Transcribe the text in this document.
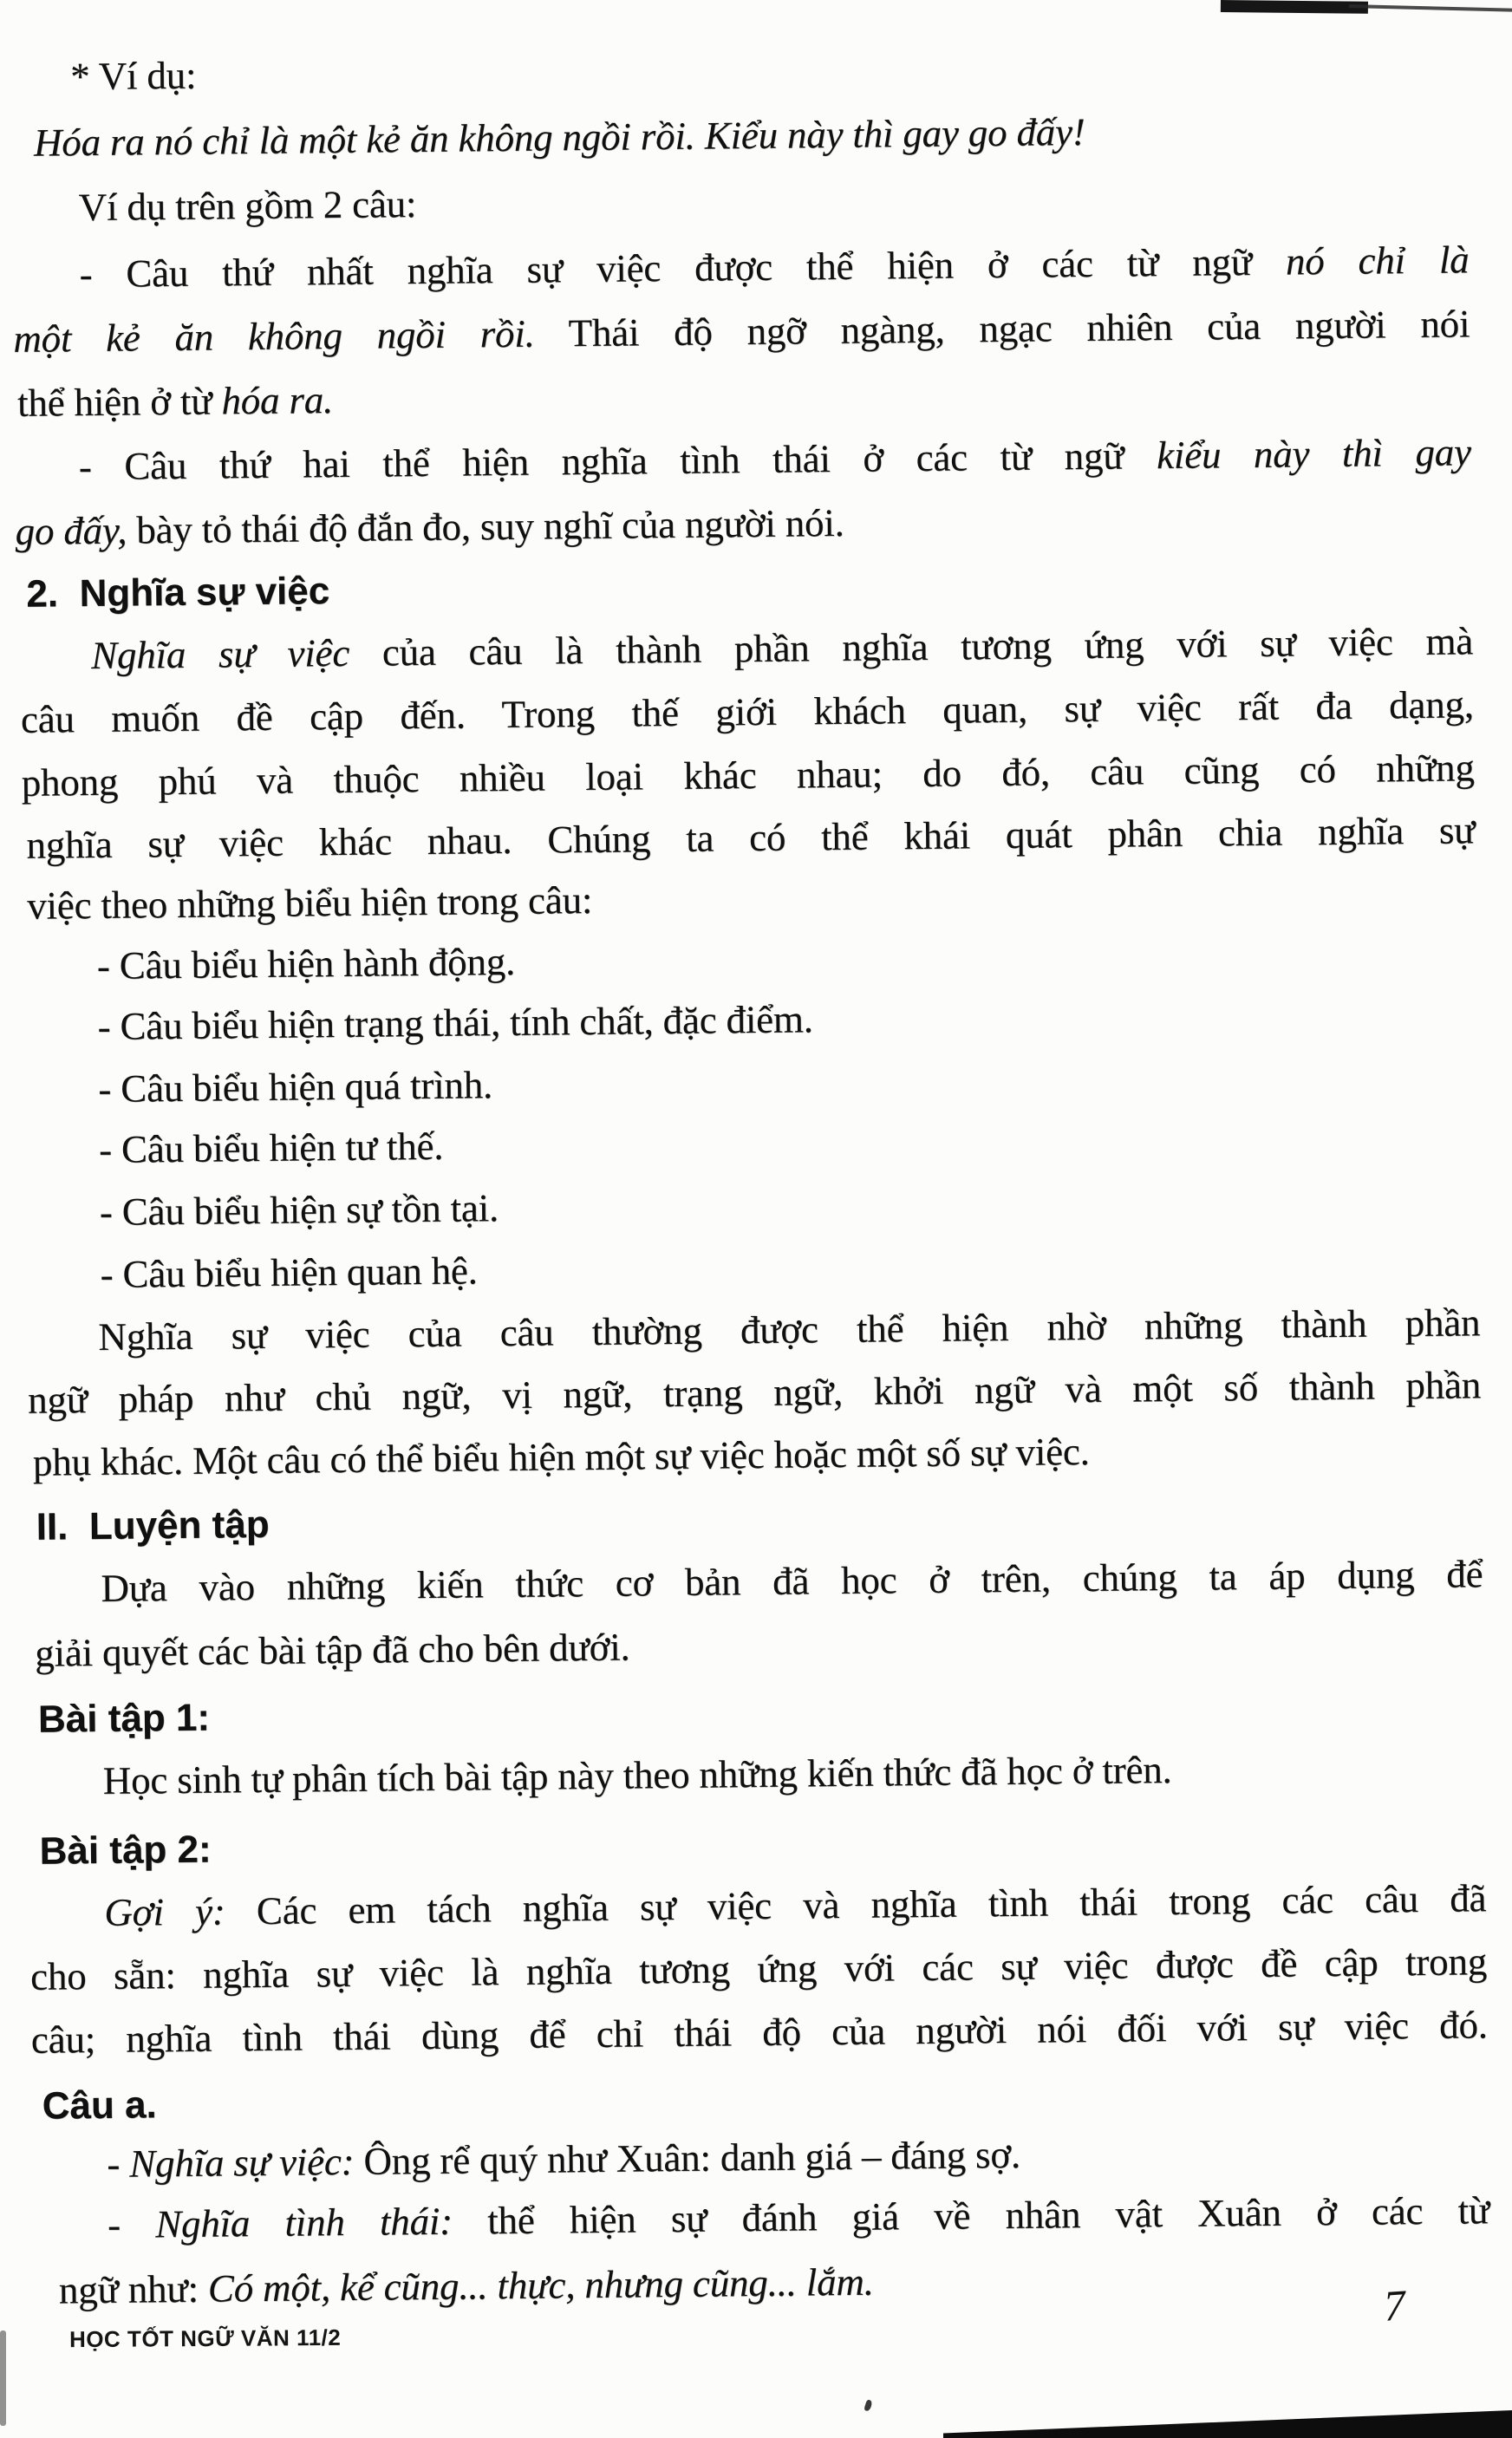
* Ví dụ:
Hóa ra nó chỉ là một kẻ ăn không ngồi rồi. Kiểu này thì gay go đấy!
Ví dụ trên gồm 2 câu:
- Câu thứ nhất nghĩa sự việc được thể hiện ở các từ ngữ nó chỉ là
một kẻ ăn không ngồi rồi. Thái độ ngỡ ngàng, ngạc nhiên của người nói
thể hiện ở từ hóa ra.
- Câu thứ hai thể hiện nghĩa tình thái ở các từ ngữ kiểu này thì gay
go đấy, bày tỏ thái độ đắn đo, suy nghĩ của người nói.
2.  Nghĩa sự việc
Nghĩa sự việc của câu là thành phần nghĩa tương ứng với sự việc mà
câu muốn đề cập đến. Trong thế giới khách quan, sự việc rất đa dạng,
phong phú và thuộc nhiều loại khác nhau; do đó, câu cũng có những
nghĩa sự việc khác nhau. Chúng ta có thể khái quát phân chia nghĩa sự
việc theo những biểu hiện trong câu:
- Câu biểu hiện hành động.
- Câu biểu hiện trạng thái, tính chất, đặc điểm.
- Câu biểu hiện quá trình.
- Câu biểu hiện tư thế.
- Câu biểu hiện sự tồn tại.
- Câu biểu hiện quan hệ.
Nghĩa sự việc của câu thường được thể hiện nhờ những thành phần
ngữ pháp như chủ ngữ, vị ngữ, trạng ngữ, khởi ngữ và một số thành phần
phụ khác. Một câu có thể biểu hiện một sự việc hoặc một số sự việc.
II.  Luyện tập
Dựa vào những kiến thức cơ bản đã học ở trên, chúng ta áp dụng để
giải quyết các bài tập đã cho bên dưới.
Bài tập 1:
Học sinh tự phân tích bài tập này theo những kiến thức đã học ở trên.
Bài tập 2:
Gợi ý: Các em tách nghĩa sự việc và nghĩa tình thái trong các câu đã
cho sẵn: nghĩa sự việc là nghĩa tương ứng với các sự việc được đề cập trong
câu; nghĩa tình thái dùng để chỉ thái độ của người nói đối với sự việc đó.
Câu a.
- Nghĩa sự việc: Ông rể quý như Xuân: danh giá – đáng sợ.
- Nghĩa tình thái: thể hiện sự đánh giá về nhân vật Xuân ở các từ
ngữ như: Có một, kể cũng... thực, nhưng cũng... lắm.
HỌC TỐT NGỮ VĂN 11/2
7
